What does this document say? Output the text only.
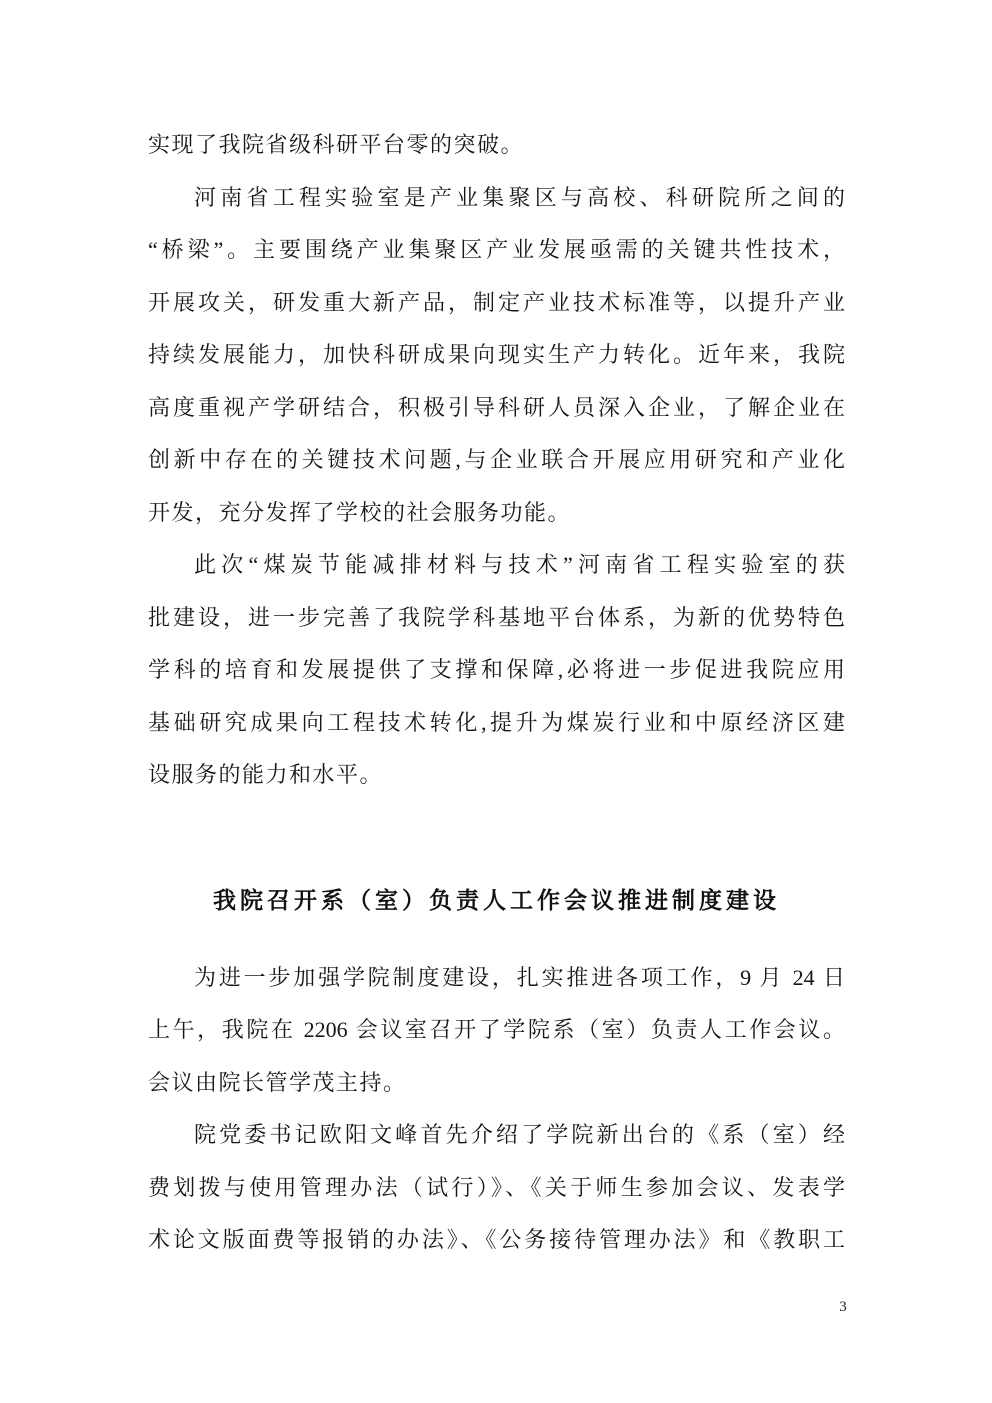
实现了我院省级科研平台零的突破。
河南省工程实验室是产业集聚区与高校、科研院所之间的
“桥梁”。主要围绕产业集聚区产业发展亟需的关键共性技术，
开展攻关，研发重大新产品，制定产业技术标准等，以提升产业
持续发展能力，加快科研成果向现实生产力转化。近年来，我院
高度重视产学研结合，积极引导科研人员深入企业，了解企业在
创新中存在的关键技术问题,与企业联合开展应用研究和产业化
开发，充分发挥了学校的社会服务功能。
此次“煤炭节能减排材料与技术”河南省工程实验室的获
批建设，进一步完善了我院学科基地平台体系，为新的优势特色
学科的培育和发展提供了支撑和保障,必将进一步促进我院应用
基础研究成果向工程技术转化,提升为煤炭行业和中原经济区建
设服务的能力和水平。
我院召开系（室）负责人工作会议推进制度建设
为进一步加强学院制度建设，扎实推进各项工作，9 月 24 日
上午，我院在 2206 会议室召开了学院系（室）负责人工作会议。
会议由院长管学茂主持。
院党委书记欧阳文峰首先介绍了学院新出台的《系（室）经
费划拨与使用管理办法（试行）》、《关于师生参加会议、发表学
术论文版面费等报销的办法》、《公务接待管理办法》和《教职工
3
